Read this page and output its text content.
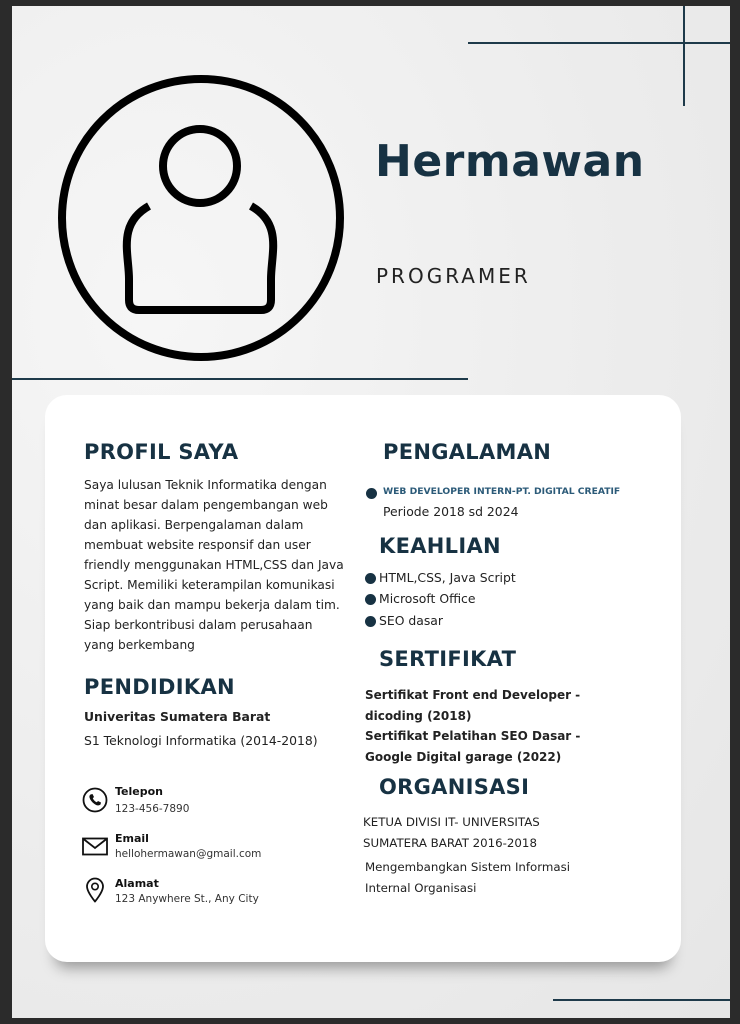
Hermawan
PROGRAMER
PROFIL SAYA
Saya lulusan Teknik Informatika dengan minat besar dalam pengembangan web dan aplikasi. Berpengalaman dalam membuat website responsif dan user friendly menggunakan HTML,CSS dan Java Script. Memiliki keterampilan komunikasi yang baik dan mampu bekerja dalam tim. Siap berkontribusi dalam perusahaan yang berkembang
PENDIDIKAN
Univeritas Sumatera Barat
S1 Teknologi Informatika (2014-2018)
Telepon
123-456-7890
Email
hellohermawan@gmail.com
Alamat
123 Anywhere St., Any City
PENGALAMAN
WEB DEVELOPER INTERN-PT. DIGITAL CREATIF
Periode 2018 sd 2024
KEAHLIAN
HTML,CSS, Java Script
Microsoft Office
SEO dasar
SERTIFIKAT
Sertifikat Front end Developer -
dicoding (2018)
Sertifikat Pelatihan SEO Dasar -
Google Digital garage (2022)
ORGANISASI
KETUA DIVISI IT- UNIVERSITAS
SUMATERA BARAT 2016-2018
Mengembangkan Sistem Informasi
Internal Organisasi
